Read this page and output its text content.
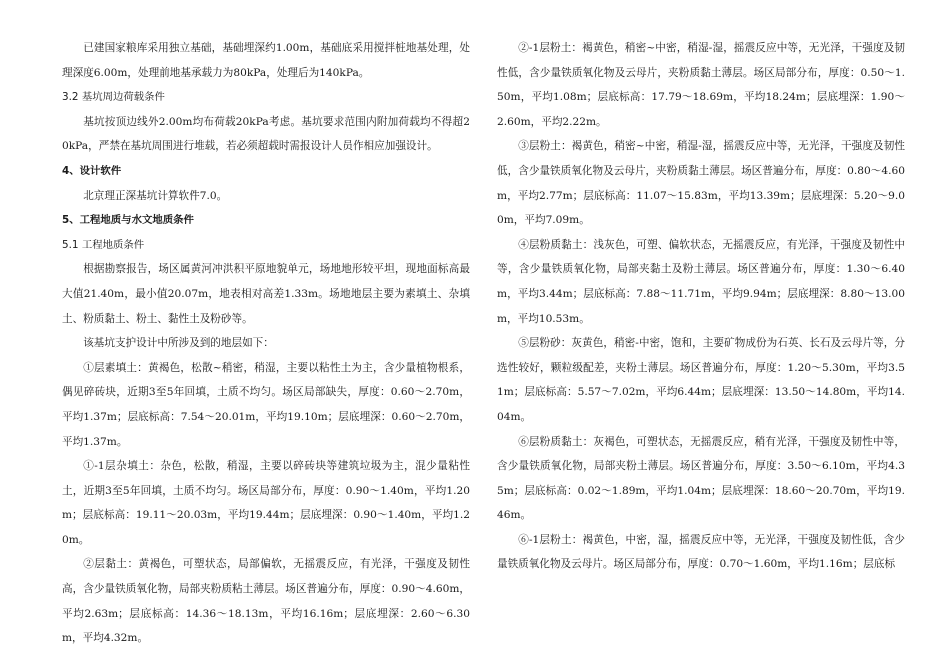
已建国家粮库采用独立基础，基础埋深约1.00m，基础底采用搅拌桩地基处理，处理深度6.00m，处理前地基承载力为80kPa，处理后为140kPa。

3.2 基坑周边荷载条件

基坑按顶边线外2.00m均布荷载20kPa考虑。基坑要求范围内附加荷载均不得超20kPa，严禁在基坑周围进行堆载，若必须超载时需报设计人员作相应加强设计。

4、设计软件

北京理正深基坑计算软件7.0。

5、工程地质与水文地质条件

5.1 工程地质条件

根据勘察报告，场区属黄河冲洪积平原地貌单元，场地地形较平坦，现地面标高最大值21.40m，最小值20.07m，地表相对高差1.33m。场地地层主要为素填土、杂填土、粉质黏土、粉土、黏性土及粉砂等。

该基坑支护设计中所涉及到的地层如下：

①层素填土：黄褐色，松散~稍密，稍湿，主要以粘性土为主，含少量植物根系，偶见碎砖块，近期3至5年回填，土质不均匀。场区局部缺失，厚度：0.60～2.70m，平均1.37m；层底标高：7.54～20.01m，平均19.10m；层底埋深：0.60～2.70m，平均1.37m。

①-1层杂填土：杂色，松散，稍湿，主要以碎砖块等建筑垃圾为主，混少量粘性土，近期3至5年回填，土质不均匀。场区局部分布，厚度：0.90～1.40m，平均1.20m；层底标高：19.11～20.03m，平均19.44m；层底埋深：0.90～1.40m，平均1.20m。

②层黏土：黄褐色，可塑状态，局部偏软，无摇震反应，有光泽，干强度及韧性高，含少量铁质氧化物，局部夹粉质粘土薄层。场区普遍分布，厚度：0.90～4.60m，平均2.63m；层底标高：14.36～18.13m，平均16.16m；层底埋深：2.60～6.30m，平均4.32m。

②-1层粉土：褐黄色，稍密~中密，稍湿-湿，摇震反应中等，无光泽，干强度及韧性低，含少量铁质氧化物及云母片，夹粉质黏土薄层。场区局部分布，厚度：0.50～1.50m，平均1.08m；层底标高：17.79～18.69m，平均18.24m；层底埋深：1.90～2.60m，平均2.22m。

③层粉土：褐黄色，稍密~中密，稍湿-湿，摇震反应中等，无光泽，干强度及韧性低，含少量铁质氧化物及云母片，夹粉质黏土薄层。场区普遍分布，厚度：0.80～4.60m，平均2.77m；层底标高：11.07～15.83m，平均13.39m；层底埋深：5.20～9.00m，平均7.09m。

④层粉质黏土：浅灰色，可塑、偏软状态，无摇震反应，有光泽，干强度及韧性中等，含少量铁质氧化物，局部夹黏土及粉土薄层。场区普遍分布，厚度：1.30～6.40m，平均3.44m；层底标高：7.88～11.71m，平均9.94m；层底埋深：8.80～13.00m，平均10.53m。

⑤层粉砂：灰黄色，稍密-中密，饱和，主要矿物成份为石英、长石及云母片等，分选性较好，颗粒级配差，夹粉土薄层。场区普遍分布，厚度：1.20～5.30m，平均3.51m；层底标高：5.57～7.02m，平均6.44m；层底埋深：13.50～14.80m，平均14.04m。

⑥层粉质黏土：灰褐色，可塑状态，无摇震反应，稍有光泽，干强度及韧性中等，含少量铁质氧化物，局部夹粉土薄层。场区普遍分布，厚度：3.50～6.10m，平均4.35m；层底标高：0.02～1.89m，平均1.04m；层底埋深：18.60～20.70m，平均19.46m。

⑥-1层粉土：褐黄色，中密，湿，摇震反应中等，无光泽，干强度及韧性低，含少量铁质氧化物及云母片。场区局部分布，厚度：0.70～1.60m，平均1.16m；层底标
